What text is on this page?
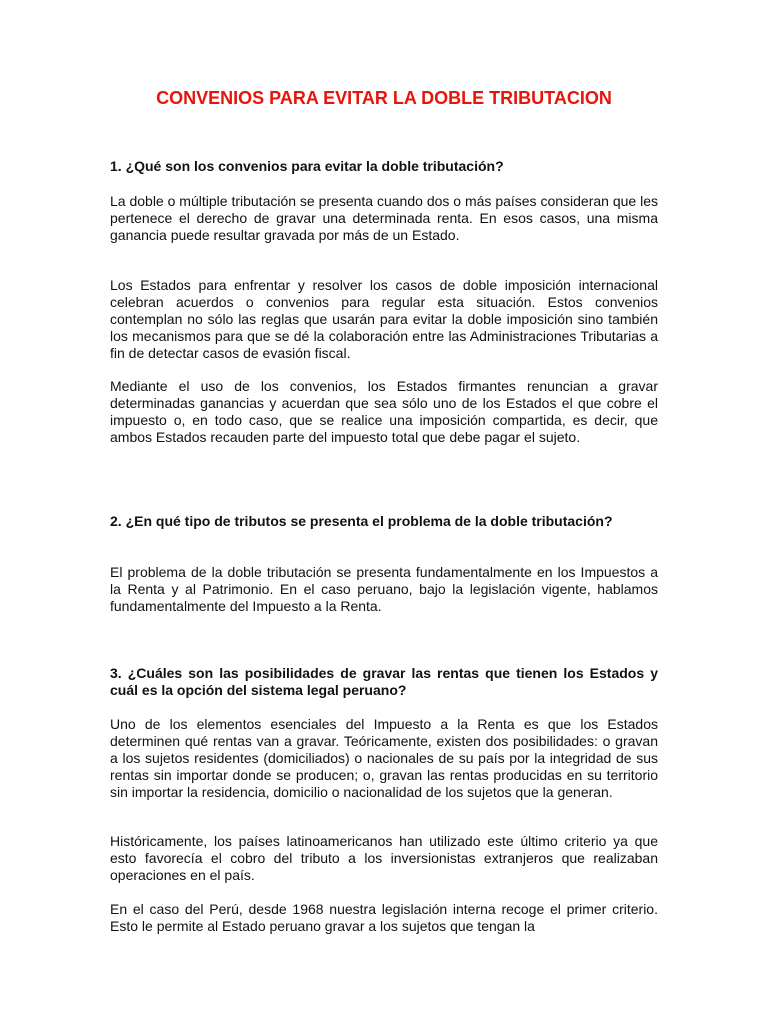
CONVENIOS PARA EVITAR LA DOBLE TRIBUTACION

1. ¿Qué son los convenios para evitar la doble tributación?

La doble o múltiple tributación se presenta cuando dos o más países consideran que les pertenece el derecho de gravar una determinada renta. En esos casos, una misma ganancia puede resultar gravada por más de un Estado.

Los Estados para enfrentar y resolver los casos de doble imposición internacional celebran acuerdos o convenios para regular esta situación. Estos convenios contemplan no sólo las reglas que usarán para evitar la doble imposición sino también los mecanismos para que se dé la colaboración entre las Administraciones Tributarias a fin de detectar casos de evasión fiscal.

Mediante el uso de los convenios, los Estados firmantes renuncian a gravar determinadas ganancias y acuerdan que sea sólo uno de los Estados el que cobre el impuesto o, en todo caso, que se realice una imposición compartida, es decir, que ambos Estados recauden parte del impuesto total que debe pagar el sujeto.

2. ¿En qué tipo de tributos se presenta el problema de la doble tributación?

El problema de la doble tributación se presenta fundamentalmente en los Impuestos a la Renta y al Patrimonio. En el caso peruano, bajo la legislación vigente, hablamos fundamentalmente del Impuesto a la Renta.

3. ¿Cuáles son las posibilidades de gravar las rentas que tienen los Estados y cuál es la opción del sistema legal peruano?

Uno de los elementos esenciales del Impuesto a la Renta es que los Estados determinen qué rentas van a gravar. Teóricamente, existen dos posibilidades: o gravan a los sujetos residentes (domiciliados) o nacionales de su país por la integridad de sus rentas sin importar donde se producen; o, gravan las rentas producidas en su territorio sin importar la residencia, domicilio o nacionalidad de los sujetos que la generan.

Históricamente, los países latinoamericanos han utilizado este último criterio ya que esto favorecía el cobro del tributo a los inversionistas extranjeros que realizaban operaciones en el país.

En el caso del Perú, desde 1968 nuestra legislación interna recoge el primer criterio. Esto le permite al Estado peruano gravar a los sujetos que tengan la
